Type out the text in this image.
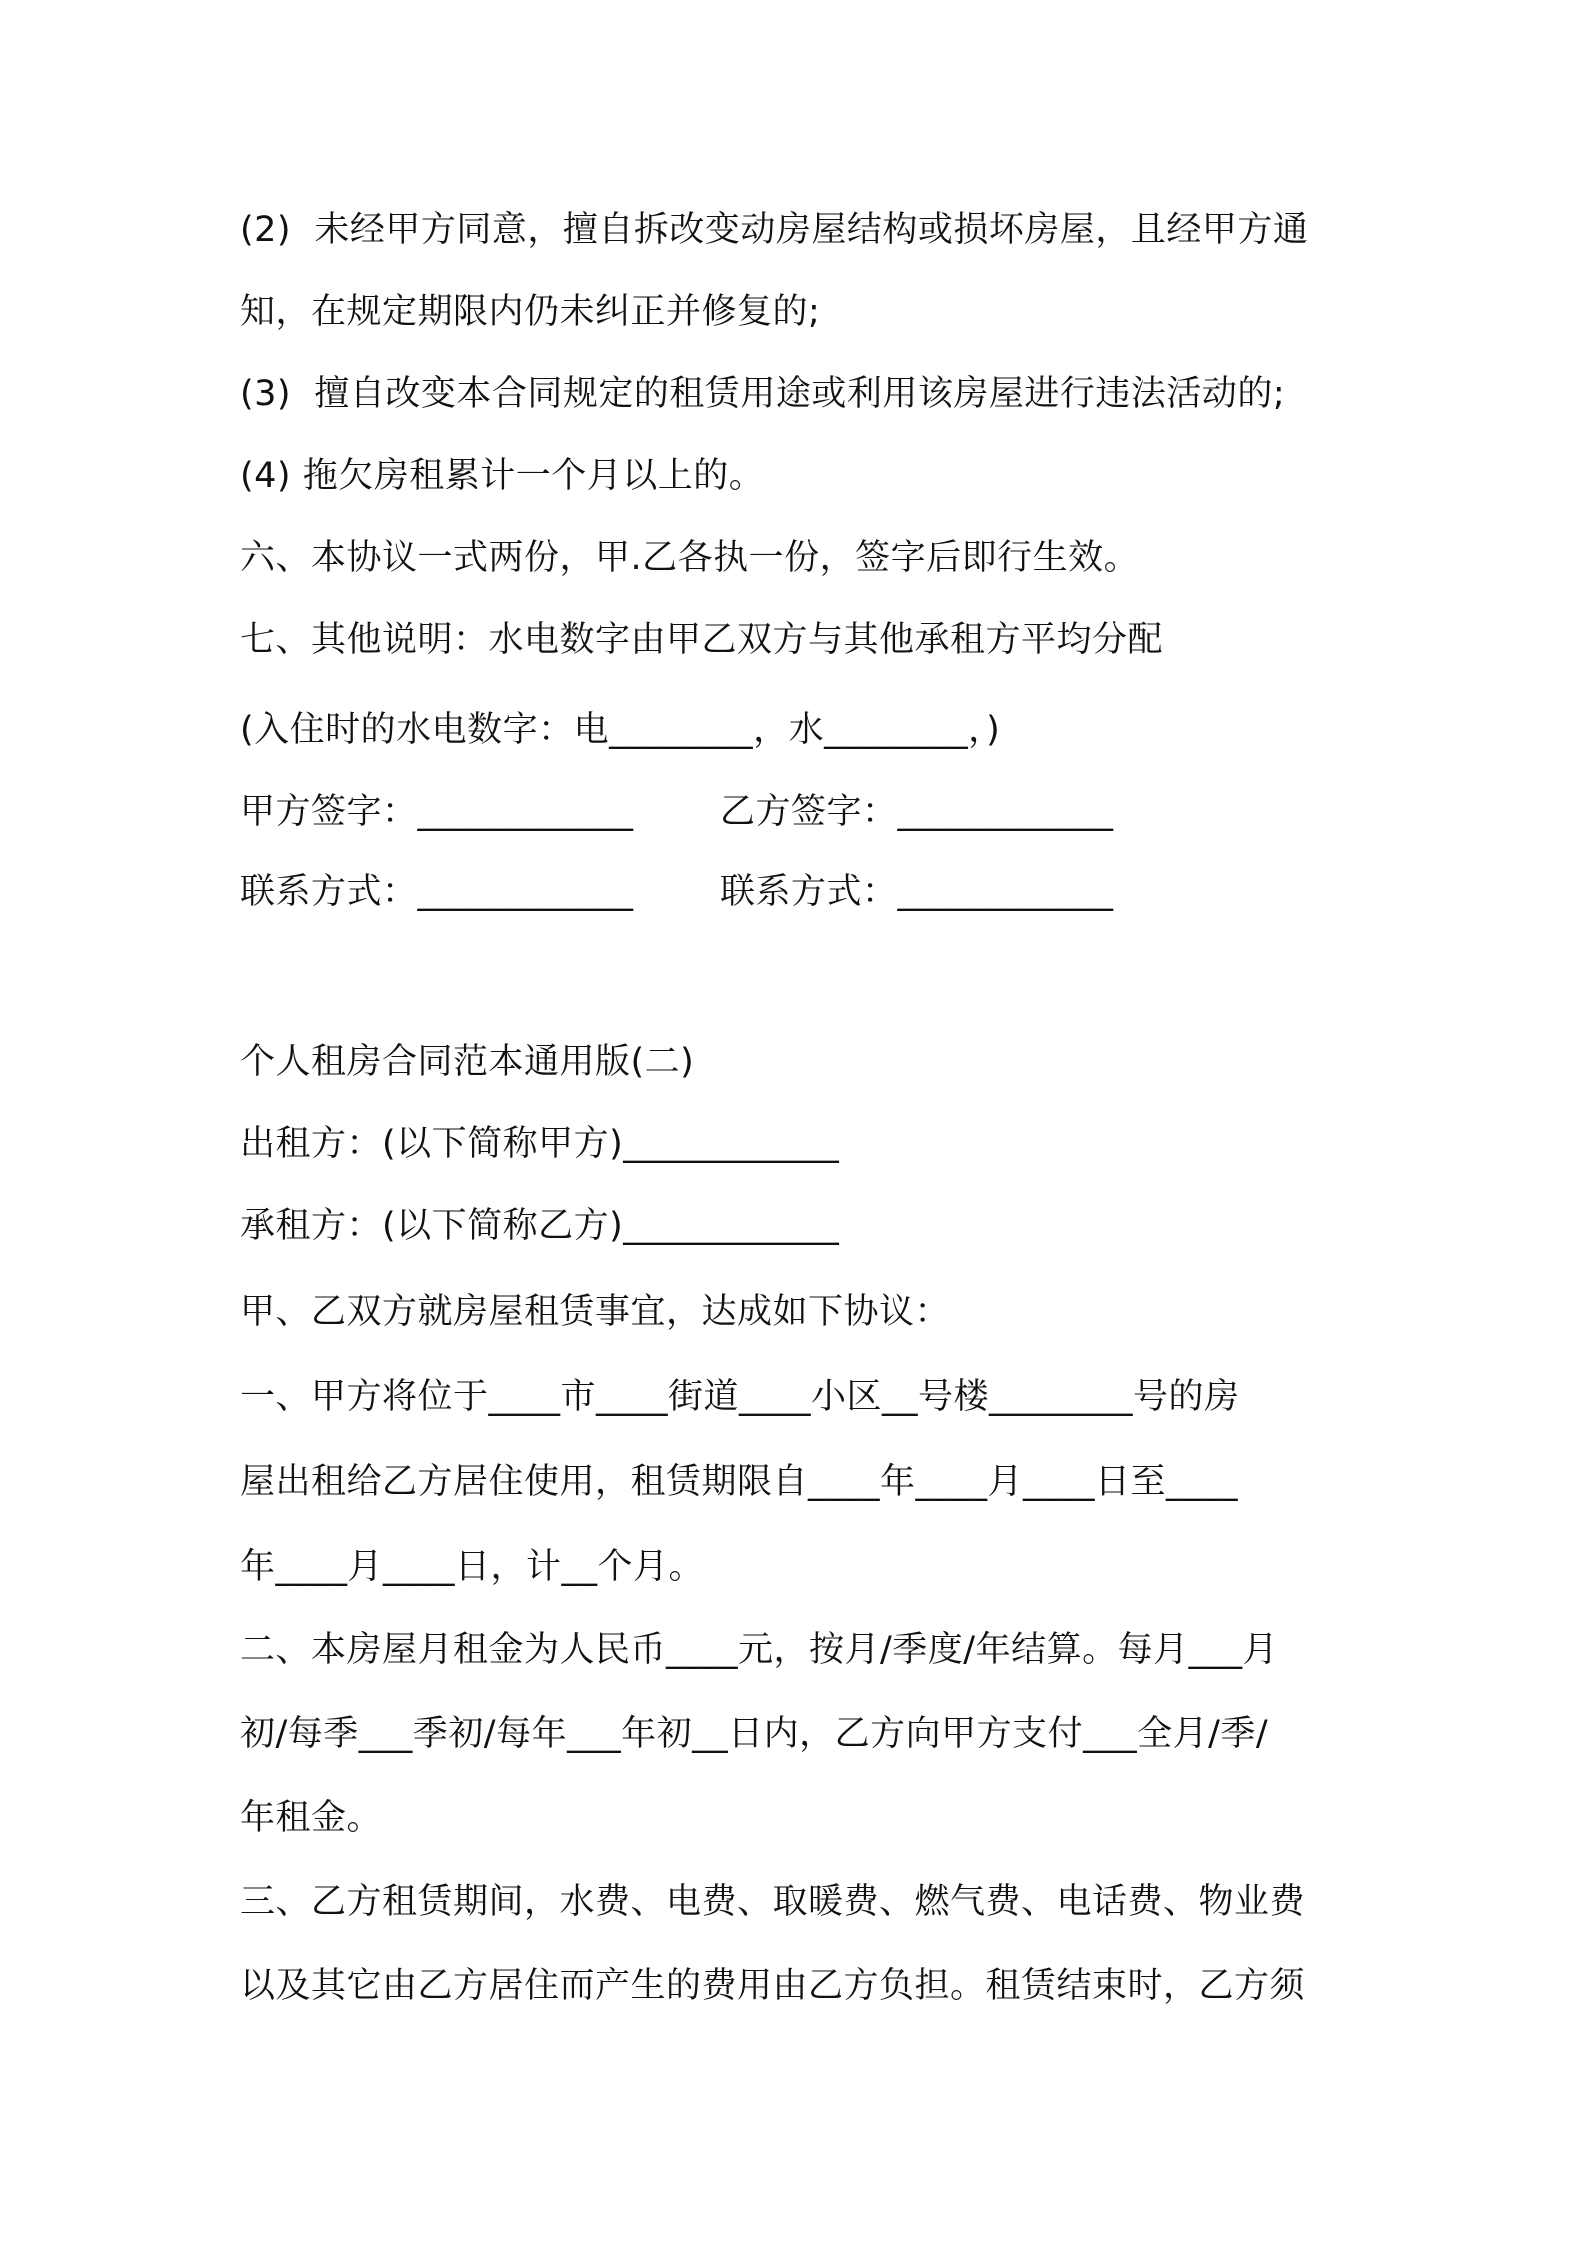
(2)  未经甲方同意，擅自拆改变动房屋结构或损坏房屋，且经甲方通
知，在规定期限内仍未纠正并修复的;
(3)  擅自改变本合同规定的租赁用途或利用该房屋进行违法活动的;
(4) 拖欠房租累计一个月以上的。
六、本协议一式两份，甲.乙各执一份，签字后即行生效。
七、其他说明：水电数字由甲乙双方与其他承租方平均分配
(入住时的水电数字：电________，水________，)
甲方签字：____________ 乙方签字：____________
联系方式：____________ 联系方式：____________
个人租房合同范本通用版(二)
出租方：(以下简称甲方)____________
承租方：(以下简称乙方)____________
甲、乙双方就房屋租赁事宜，达成如下协议：
一、甲方将位于____市____街道____小区__号楼________号的房
屋出租给乙方居住使用，租赁期限自____年____月____日至____
年____月____日，计__个月。
二、本房屋月租金为人民币____元，按月/季度/年结算。每月___月
初/每季___季初/每年___年初__日内，乙方向甲方支付___全月/季/
年租金。
三、乙方租赁期间，水费、电费、取暖费、燃气费、电话费、物业费
以及其它由乙方居住而产生的费用由乙方负担。租赁结束时，乙方须
